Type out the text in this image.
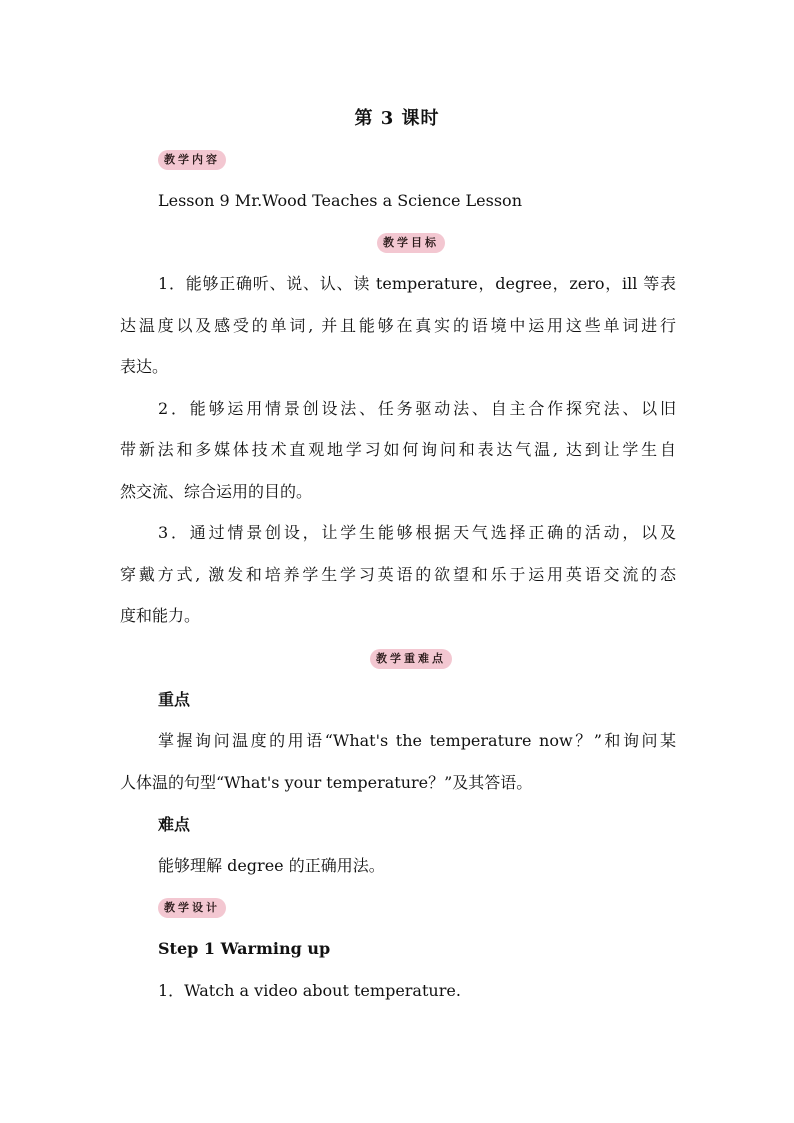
第 3 课时
教学内容
Lesson 9 Mr.Wood Teaches a Science Lesson
教学目标
1．能够正确听、说、认、读 temperature，degree，zero，ill 等表
达温度以及感受的单词, 并且能够在真实的语境中运用这些单词进行
表达。
2．能够运用情景创设法、任务驱动法、自主合作探究法、以旧
带新法和多媒体技术直观地学习如何询问和表达气温, 达到让学生自
然交流、综合运用的目的。
3．通过情景创设，让学生能够根据天气选择正确的活动，以及
穿戴方式, 激发和培养学生学习英语的欲望和乐于运用英语交流的态
度和能力。
教学重难点
重点
掌握询问温度的用语“What's the temperature now？”和询问某
人体温的句型“What's your temperature？”及其答语。
难点
能够理解 degree 的正确用法。
教学设计
Step 1 Warming up
1．Watch a video about temperature.
